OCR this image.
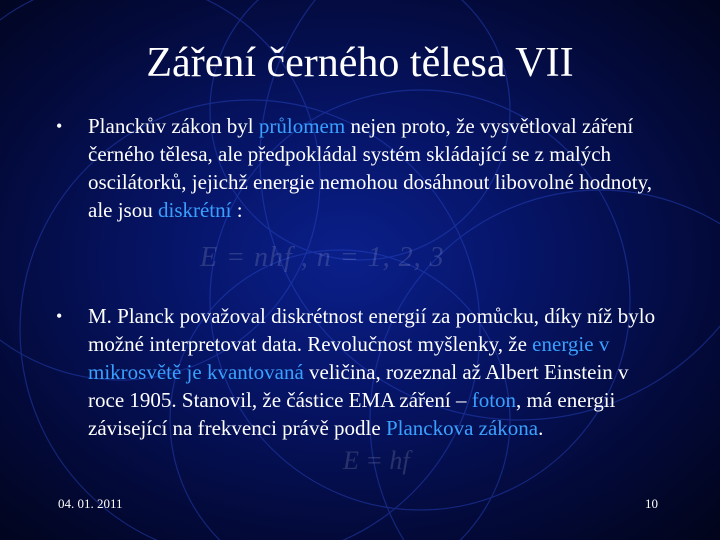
Záření černého tělesa VII
•	Planckův zákon byl průlomem nejen proto, že vysvětloval záření černého tělesa, ale předpokládal systém skládající se z malých oscilátorků, jejichž energie nemohou dosáhnout libovolné hodnoty, ale jsou diskrétní :
E = nhf , n = 1, 2, 3
•	M. Planck považoval diskrétnost energií za pomůcku, díky níž bylo možné interpretovat data. Revolučnost myšlenky, že energie v mikrosvětě je kvantovaná veličina, rozeznal až Albert Einstein v roce 1905. Stanovil, že částice EMA záření – foton, má energii závisející na frekvenci právě podle Planckova zákona.
E = hf
04. 01. 2011	10
